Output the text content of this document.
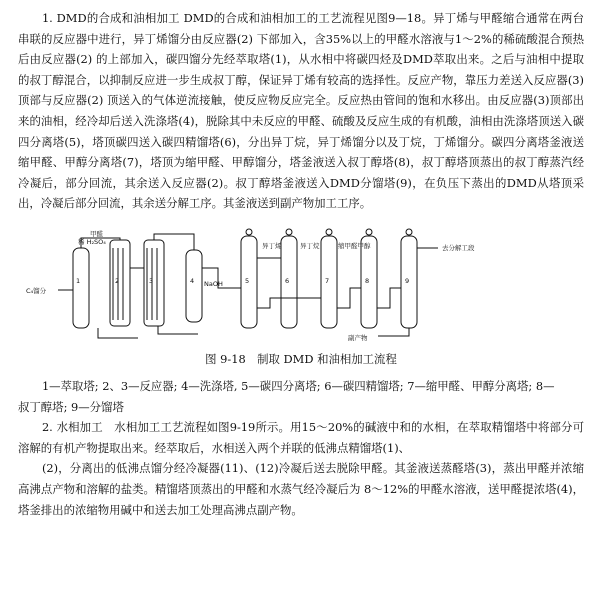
1. DMD的合成和油相加工 DMD的合成和油相加工的工艺流程见图9—18。异丁烯与甲醛缩合通常在两台串联的反应器中进行，异丁烯馏分由反应器(2) 下部加入，含35%以上的甲醛水溶液与1～2%的稀硫酸混合预热后由反应器(2) 的上部加入，碳四馏分先经萃取塔(1)，从水相中将碳四烃及DMD萃取出来。之后与油相中提取的叔丁醇混合，以抑制反应进一步生成叔丁醇，保证异丁烯有较高的选择性。反应产物，靠压力差送入反应器(3)顶部与反应器(2) 顶送入的气体逆流接触，使反应物反应完全。反应热由管间的饱和水移出。由反应器(3)顶部出来的油相，经冷却后送入洗涤塔(4)，脱除其中未反应的甲醛、硫酸及反应生成的有机酸，油相由洗涤塔顶送入碳四分离塔(5)，塔顶碳四送入碳四精馏塔(6)，分出异丁烷，异丁烯馏分以及丁烷，丁烯馏分。碳四分离塔釜液送缩甲醛、甲醇分离塔(7)，塔顶为缩甲醛、甲醇馏分，塔釜液送入叔丁醇塔(8)，叔丁醇塔顶蒸出的叔丁醇蒸汽经冷凝后，部分回流，其余送入反应器(2)。叔丁醇塔釜液送入DMD分馏塔(9)，在负压下蒸出的DMD从塔顶采出，冷凝后部分回流，其余送分解工序。其釜液送到副产物加工工序。

甲醛
稀 H₂SO₄
C₄馏分
1	2	3	4 NaOH	5	6	7	8	9
去分解工段
异丁烯	异丁烷	缩甲醛甲醇
副产物
图 9-18　制取 DMD 和油相加工流程

1—萃取塔; 2、3—反应器; 4—洗涤塔, 5—碳四分离塔; 6—碳四精馏塔; 7—缩甲醛、甲醇分离塔; 8—

叔丁醇塔; 9—分馏塔

2. 水相加工　水相加工工艺流程如图9-19所示。用15～20%的碱液中和的水相，在萃取精馏塔中将部分可溶解的有机产物提取出来。经萃取后，水相送入两个并联的低沸点精馏塔(1)、

(2)，分离出的低沸点馏分经冷凝器(11)、(12)冷凝后送去脱除甲醛。其釜液送蒸醛塔(3)，蒸出甲醛并浓缩高沸点产物和溶解的盐类。精馏塔顶蒸出的甲醛和水蒸气经冷凝后为 8～12%的甲醛水溶液，送甲醛提浓塔(4)，塔釜排出的浓缩物用碱中和送去加工处理高沸点副产物。
